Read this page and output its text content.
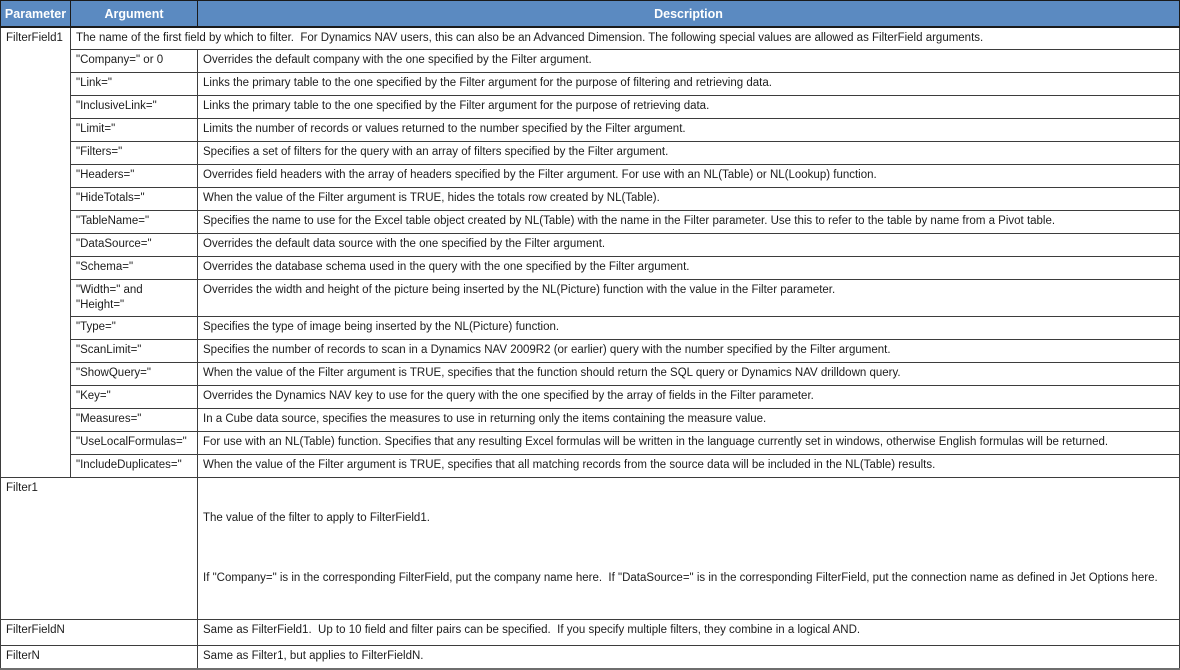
Parameter	Argument	Description
FilterField1	The name of the first field by which to filter.  For Dynamics NAV users, this can also be an Advanced Dimension. The following special values are allowed as FilterField arguments.	
	"Company=" or 0	Overrides the default company with the one specified by the Filter argument.
	"Link="	Links the primary table to the one specified by the Filter argument for the purpose of filtering and retrieving data.
	"InclusiveLink="	Links the primary table to the one specified by the Filter argument for the purpose of retrieving data.
	"Limit="	Limits the number of records or values returned to the number specified by the Filter argument.
	"Filters="	Specifies a set of filters for the query with an array of filters specified by the Filter argument.
	"Headers="	Overrides field headers with the array of headers specified by the Filter argument. For use with an NL(Table) or NL(Lookup) function.
	"HideTotals="	When the value of the Filter argument is TRUE, hides the totals row created by NL(Table).
	"TableName="	Specifies the name to use for the Excel table object created by NL(Table) with the name in the Filter parameter. Use this to refer to the table by name from a Pivot table.
	"DataSource="	Overrides the default data source with the one specified by the Filter argument.
	"Schema="	Overrides the database schema used in the query with the one specified by the Filter argument.
	"Width=" and "Height="	Overrides the width and height of the picture being inserted by the NL(Picture) function with the value in the Filter parameter.
	"Type="	Specifies the type of image being inserted by the NL(Picture) function.
	"ScanLimit="	Specifies the number of records to scan in a Dynamics NAV 2009R2 (or earlier) query with the number specified by the Filter argument.
	"ShowQuery="	When the value of the Filter argument is TRUE, specifies that the function should return the SQL query or Dynamics NAV drilldown query.
	"Key="	Overrides the Dynamics NAV key to use for the query with the one specified by the array of fields in the Filter parameter.
	"Measures="	In a Cube data source, specifies the measures to use in returning only the items containing the measure value.
	"UseLocalFormulas="	For use with an NL(Table) function. Specifies that any resulting Excel formulas will be written in the language currently set in windows, otherwise English formulas will be returned.
	"IncludeDuplicates="	When the value of the Filter argument is TRUE, specifies that all matching records from the source data will be included in the NL(Table) results.
Filter1		The value of the filter to apply to FilterField1.

If "Company=" is in the corresponding FilterField, put the company name here.  If "DataSource=" is in the corresponding FilterField, put the connection name as defined in Jet Options here.

FilterFieldN		Same as FilterField1.  Up to 10 field and filter pairs can be specified.  If you specify multiple filters, they combine in a logical AND.
FilterN		Same as Filter1, but applies to FilterFieldN.
